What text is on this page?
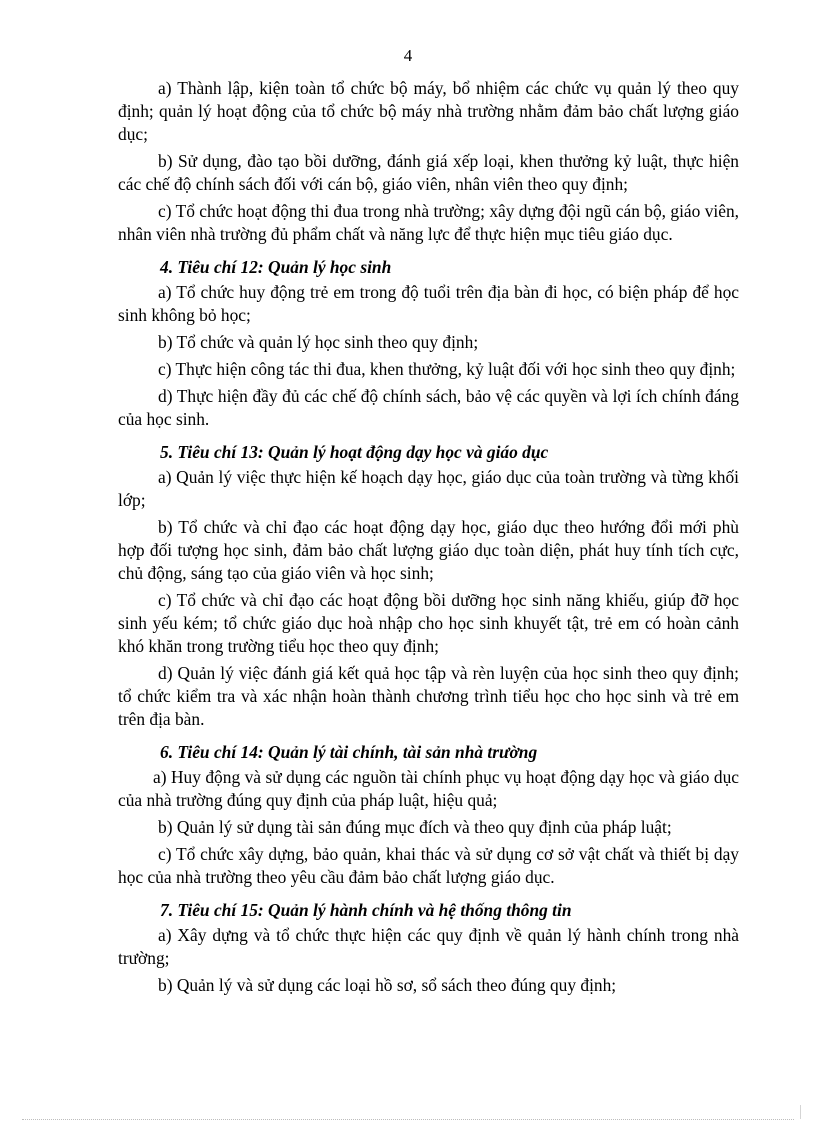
4

a) Thành lập, kiện toàn tổ chức bộ máy, bổ nhiệm các chức vụ quản lý theo quy định; quản lý hoạt động của tổ chức bộ máy nhà trường nhằm đảm bảo chất lượng giáo dục;

b) Sử dụng, đào tạo bồi dưỡng, đánh giá xếp loại, khen thưởng kỷ luật, thực hiện các chế độ chính sách đối với cán bộ, giáo viên, nhân viên theo quy định;

c) Tổ chức hoạt động thi đua trong nhà trường; xây dựng đội ngũ cán bộ, giáo viên, nhân viên nhà trường đủ phẩm chất và năng lực để thực hiện mục tiêu giáo dục.

4. Tiêu chí 12: Quản lý học sinh

a) Tổ chức huy động trẻ em trong độ tuổi trên địa bàn đi học, có biện pháp để học sinh không bỏ học;

b) Tổ chức và quản lý học sinh theo quy định;

c) Thực hiện công tác thi đua, khen thưởng, kỷ luật đối với học sinh theo quy định;

d) Thực hiện đầy đủ các chế độ chính sách, bảo vệ các quyền và lợi ích chính đáng của học sinh.

5. Tiêu chí 13: Quản lý hoạt động dạy học và giáo dục

a) Quản lý việc thực hiện kế hoạch dạy học, giáo dục của toàn trường và từng khối lớp;

b) Tổ chức và chỉ đạo các hoạt động dạy học, giáo dục theo hướng đổi mới phù hợp đối tượng học sinh, đảm bảo chất lượng giáo dục toàn diện, phát huy tính tích cực, chủ động, sáng tạo của giáo viên và học sinh;

c) Tổ chức và chỉ đạo các hoạt động bồi dưỡng học sinh năng khiếu, giúp đỡ học sinh yếu kém; tổ chức giáo dục hoà nhập cho học sinh khuyết tật, trẻ em có hoàn cảnh khó khăn trong trường tiểu học theo quy định;

d) Quản lý việc đánh giá kết quả học tập và rèn luyện của học sinh theo quy định; tổ chức kiểm tra và xác nhận hoàn thành chương trình tiểu học cho học sinh và trẻ em trên địa bàn.

6. Tiêu chí 14: Quản lý tài chính, tài sản nhà trường

a) Huy động và sử dụng các nguồn tài chính phục vụ hoạt động dạy học và giáo dục của nhà trường đúng quy định của pháp luật, hiệu quả;

b) Quản lý sử dụng tài sản đúng mục đích và theo quy định của pháp luật;

c) Tổ chức xây dựng, bảo quản, khai thác và sử dụng cơ sở vật chất và thiết bị dạy học của nhà trường theo yêu cầu đảm bảo chất lượng giáo dục.

7. Tiêu chí 15: Quản lý hành chính và hệ thống thông tin

a) Xây dựng và tổ chức thực hiện các quy định về quản lý hành chính trong nhà trường;

b) Quản lý và sử dụng các loại hồ sơ, sổ sách theo đúng quy định;
